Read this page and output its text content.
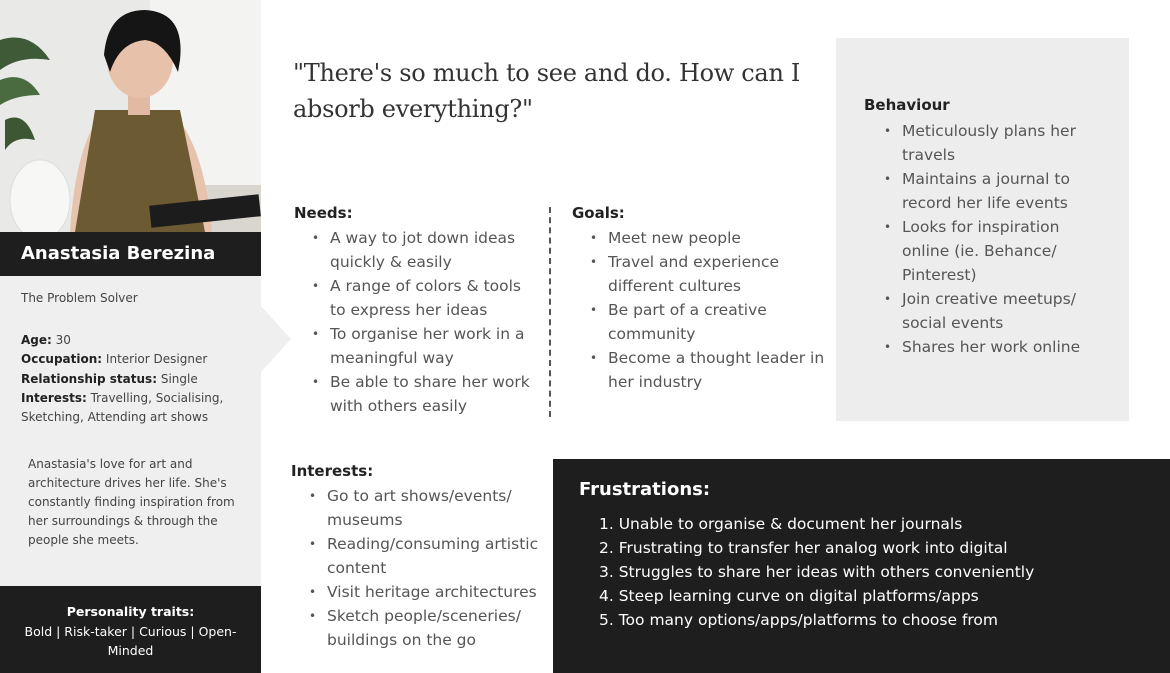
Anastasia Berezina
The Problem Solver
Age: 30
Occupation: Interior Designer
Relationship status: Single
Interests: Travelling, Socialising, Sketching, Attending art shows
Anastasia's love for art and architecture drives her life. She's constantly finding inspiration from her surroundings & through the people she meets.
Personality traits:
Bold | Risk-taker | Curious | Open-Minded
"There's so much to see and do. How can I absorb everything?"
Needs:
• A way to jot down ideas quickly & easily
• A range of colors & tools to express her ideas
• To organise her work in a meaningful way
• Be able to share her work with others easily
Goals:
• Meet new people
• Travel and experience different cultures
• Be part of a creative community
• Become a thought leader in her industry
Behaviour
• Meticulously plans her travels
• Maintains a journal to record her life events
• Looks for inspiration online (ie. Behance/ Pinterest)
• Join creative meetups/ social events
• Shares her work online
Interests:
• Go to art shows/events/ museums
• Reading/consuming artistic content
• Visit heritage architectures
• Sketch people/sceneries/ buildings on the go
Frustrations:
1. Unable to organise & document her journals
2. Frustrating to transfer her analog work into digital
3. Struggles to share her ideas with others conveniently
4. Steep learning curve on digital platforms/apps
5. Too many options/apps/platforms to choose from
